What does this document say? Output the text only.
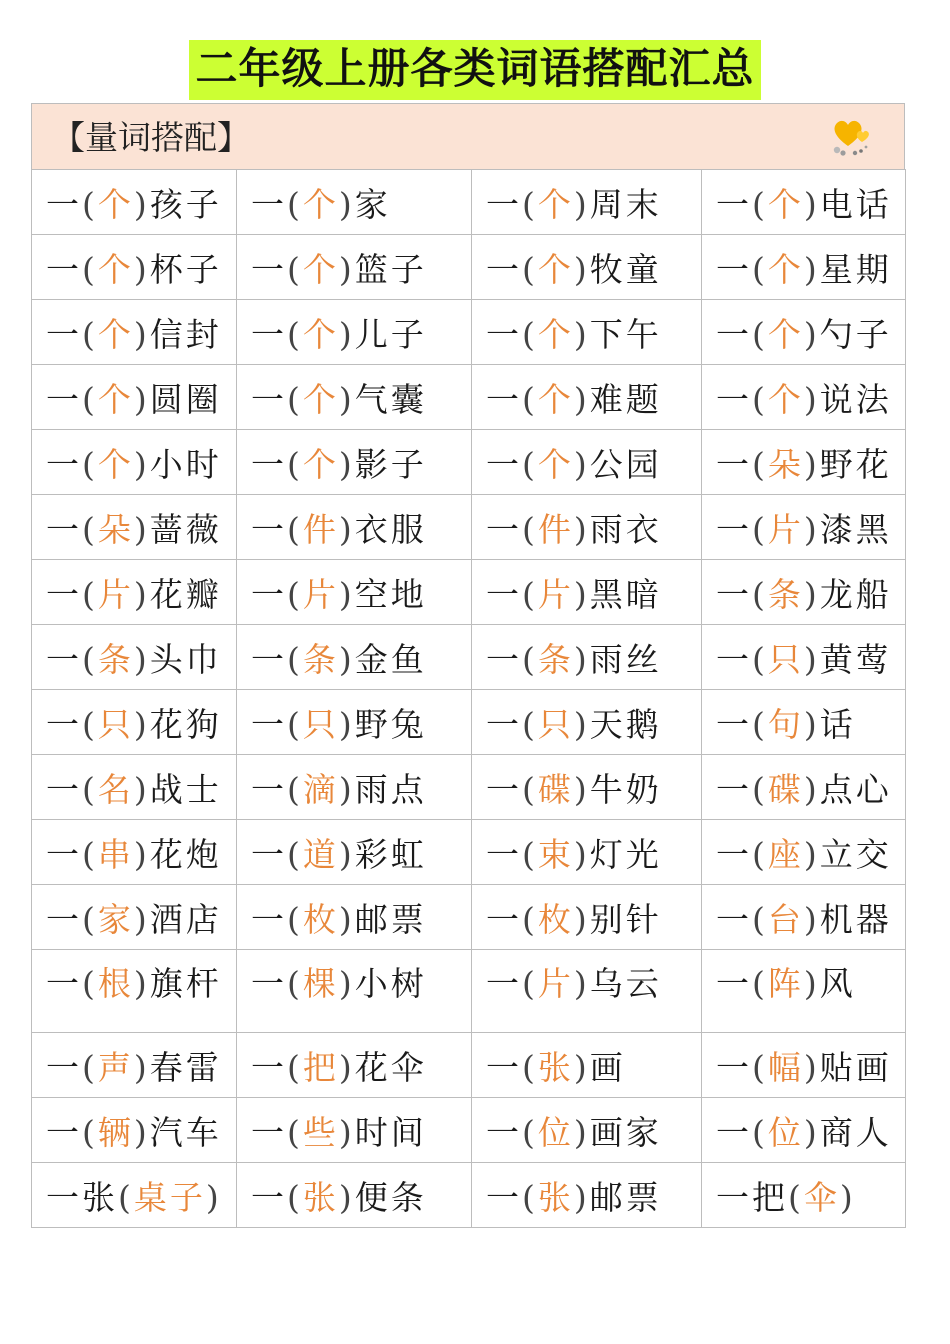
二年级上册各类词语搭配汇总
【量词搭配】
一(个)孩子	一(个)家	一(个)周末	一(个)电话
一(个)杯子	一(个)篮子	一(个)牧童	一(个)星期
一(个)信封	一(个)儿子	一(个)下午	一(个)勺子
一(个)圆圈	一(个)气囊	一(个)难题	一(个)说法
一(个)小时	一(个)影子	一(个)公园	一(朵)野花
一(朵)蔷薇	一(件)衣服	一(件)雨衣	一(片)漆黑
一(片)花瓣	一(片)空地	一(片)黑暗	一(条)龙船
一(条)头巾	一(条)金鱼	一(条)雨丝	一(只)黄莺
一(只)花狗	一(只)野兔	一(只)天鹅	一(句)话
一(名)战士	一(滴)雨点	一(碟)牛奶	一(碟)点心
一(串)花炮	一(道)彩虹	一(束)灯光	一(座)立交
一(家)酒店	一(枚)邮票	一(枚)别针	一(台)机器
一(根)旗杆	一(棵)小树	一(片)乌云	一(阵)风
一(声)春雷	一(把)花伞	一(张)画	一(幅)贴画
一(辆)汽车	一(些)时间	一(位)画家	一(位)商人
一张(桌子)	一(张)便条	一(张)邮票	一把(伞)
